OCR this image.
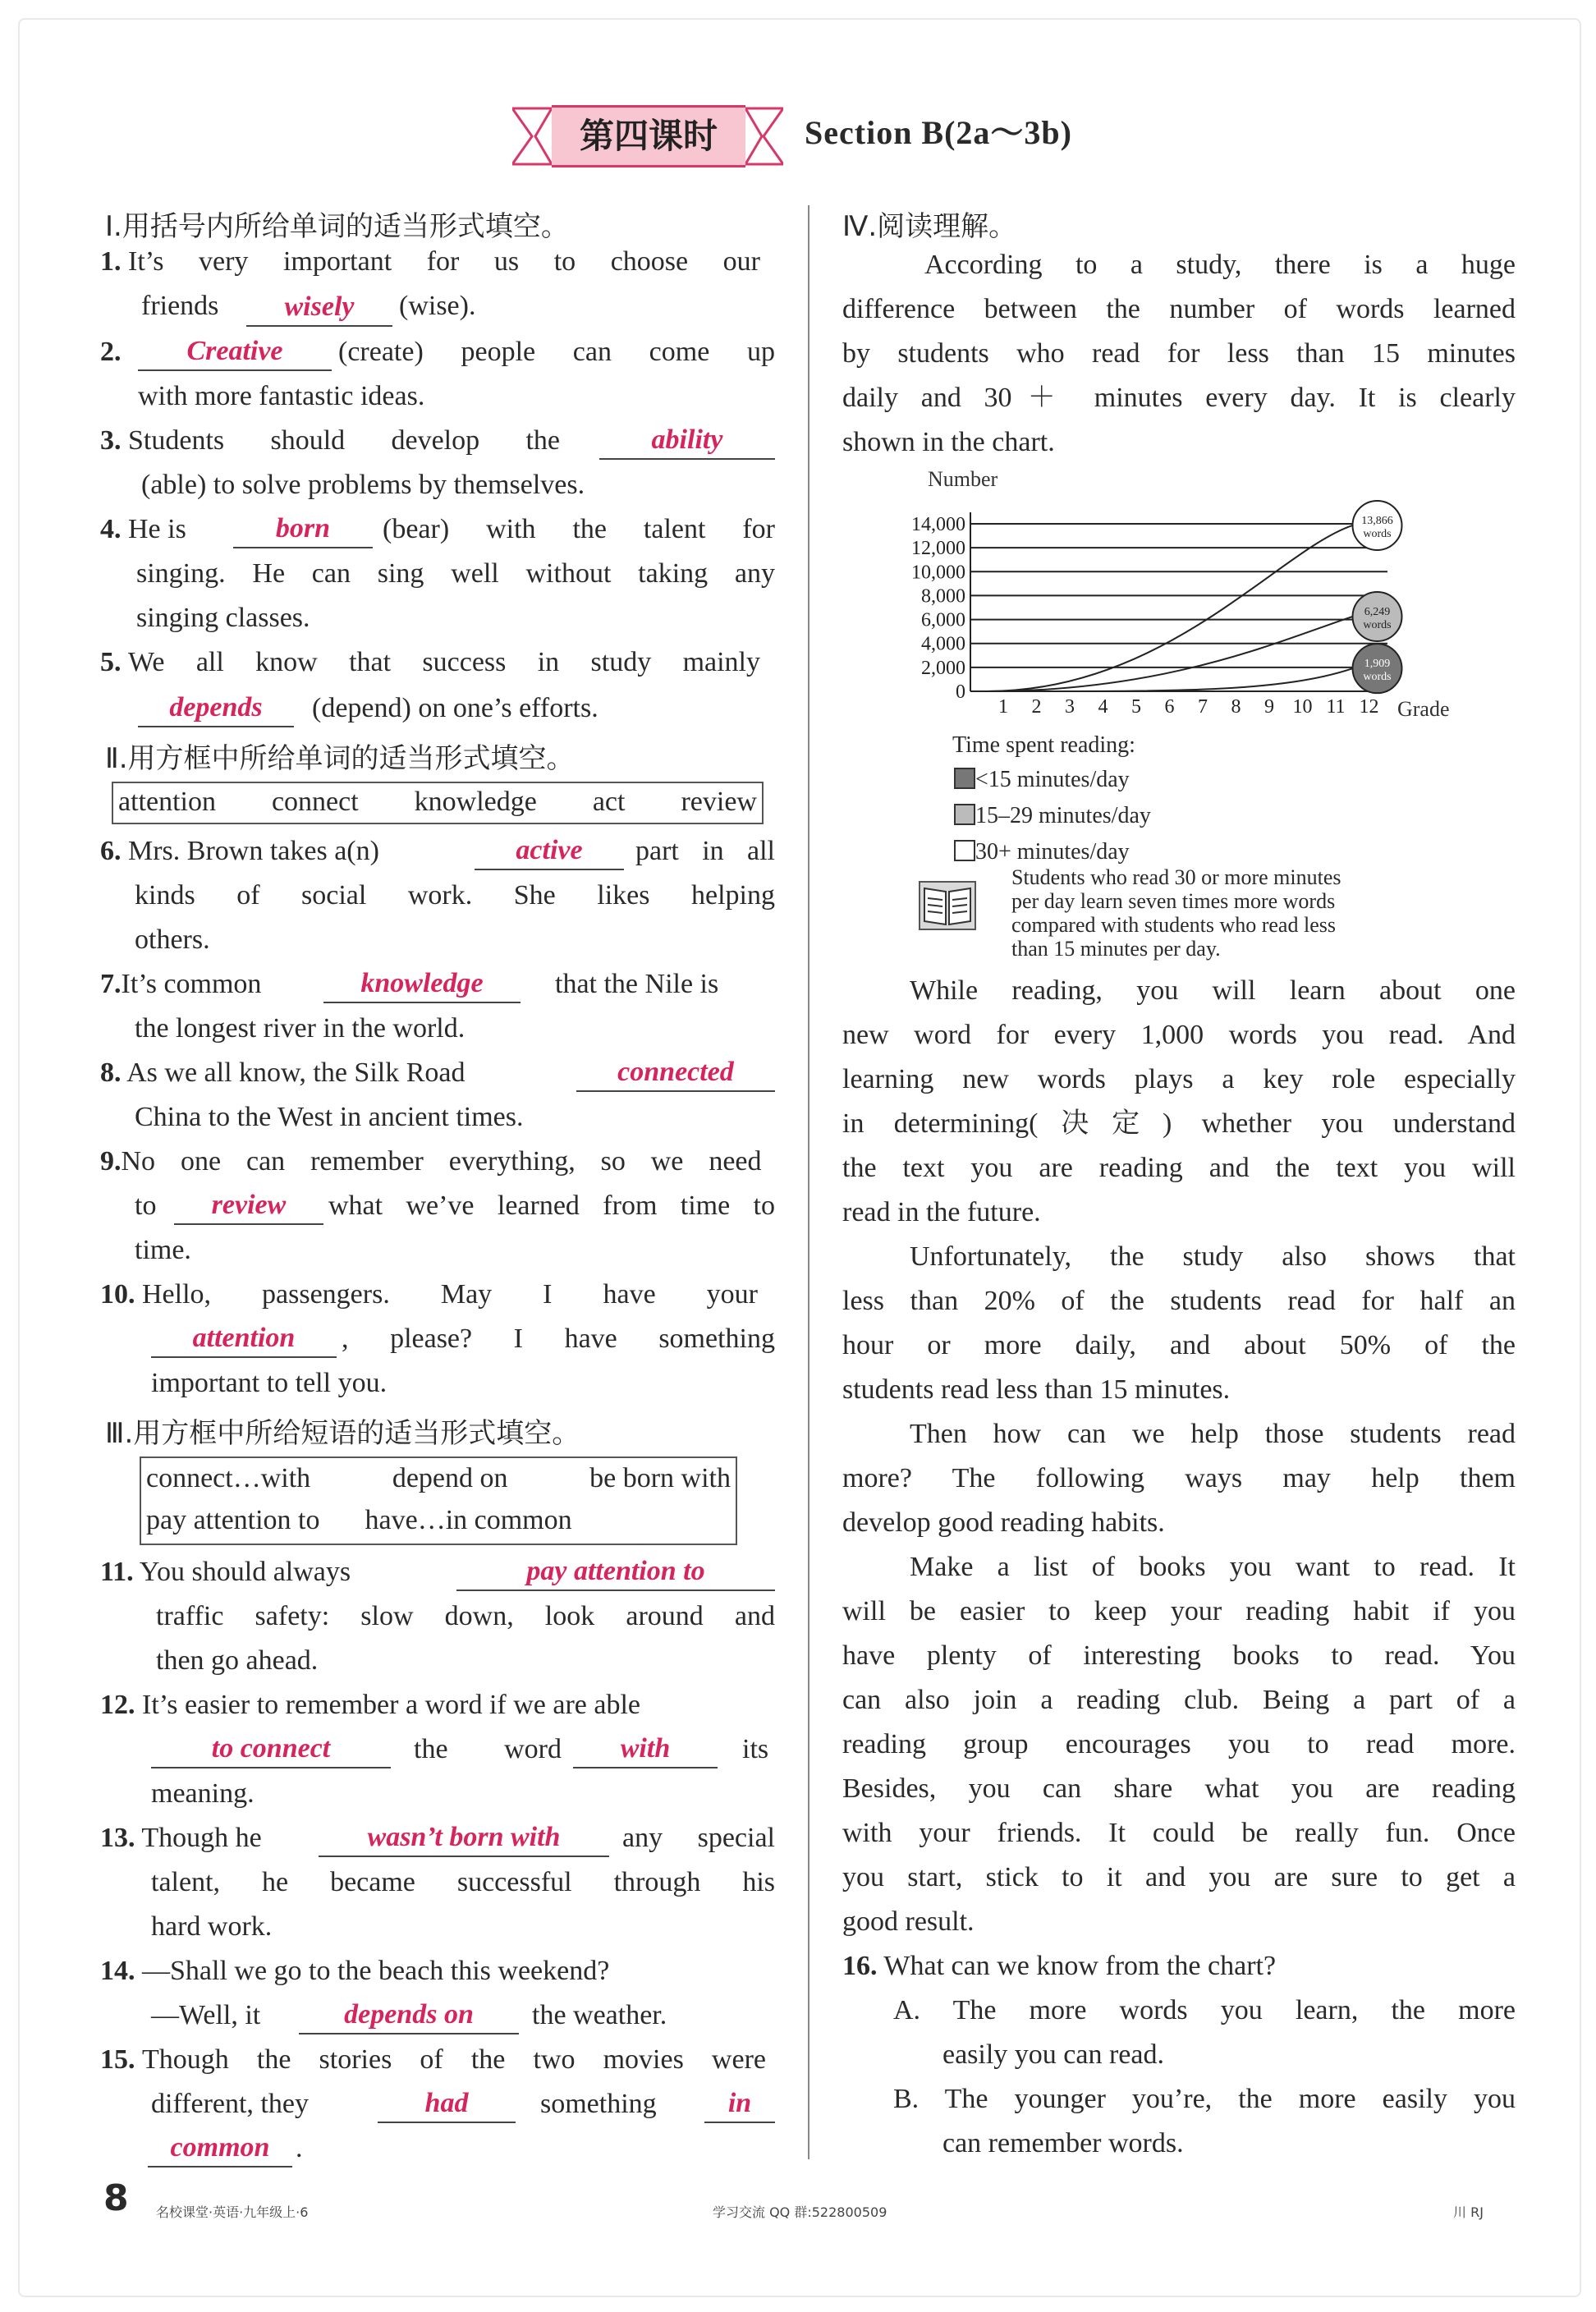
第四课时	Section B(2a～3b)
Ⅰ.用括号内所给单词的适当形式填空。
1. It’s very important for us to choose our
friends	wisely	(wise).
2.	Creative	(create) people can come up
with more fantastic ideas.
3. Students should develop the	ability
(able) to solve problems by themselves.
4. He is	born	(bear) with the talent for
singing. He can sing well without taking any
singing classes.
5. We all know that success in study mainly
depends	(depend) on one’s efforts.
Ⅱ.用方框中所给单词的适当形式填空。
attention connect knowledge act review
6. Mrs. Brown takes a(n)	active	part in all
kinds of social work. She likes helping
others.
7.It’s common	knowledge	that the Nile is
the longest river in the world.
8. As we all know, the Silk Road	connected
China to the West in ancient times.
9.No one can remember everything, so we need
to	review	what we’ve learned from time to
time.
10. Hello, passengers. May I have your
attention	, please? I have something
important to tell you.
Ⅲ.用方框中所给短语的适当形式填空。
connect…with	depend on	be born with
pay attention to have…in common
11. You should always	pay attention to
traffic safety: slow down, look around and
then go ahead.
12. It’s easier to remember a word if we are able
to connect	the word	with	its
meaning.
13. Though he	wasn’t born with	any special
talent, he became successful through his
hard work.
14. —Shall we go to the beach this weekend?
—Well, it	depends on	the weather.
15. Though the stories of the two movies were
different, they	had	something	in
common .
Ⅳ.阅读理解。
According to a study, there is a huge
difference between the number of words learned
by students who read for less than 15 minutes
daily and 30＋ minutes every day. It is clearly
shown in the chart.
Number
14,000
12,000
10,000
8,000
6,000
4,000
2,000
0
1 2 3 4 5 6 7 8 9 10 11 12
1,909
words
6,249
words
13,866
words
Grade
Time spent reading:
<15 minutes/day
15–29 minutes/day
30+ minutes/day
Students who read 30 or more minutes
per day learn seven times more words
compared with students who read less
than 15 minutes per day.
While reading, you will learn about one
new word for every 1,000 words you read. And
learning new words plays a key role especially
in determining(决定) whether you understand
the text you are reading and the text you will
read in the future.
Unfortunately, the study also shows that
less than 20% of the students read for half an
hour or more daily, and about 50% of the
students read less than 15 minutes.
Then how can we help those students read
more? The following ways may help them
develop good reading habits.
Make a list of books you want to read. It
will be easier to keep your reading habit if you
have plenty of interesting books to read. You
can also join a reading club. Being a part of a
reading group encourages you to read more.
Besides, you can share what you are reading
with your friends. It could be really fun. Once
you start, stick to it and you are sure to get a
good result.
16. What can we know from the chart?
A. The more words you learn, the more
easily you can read.
B. The younger you’re, the more easily you
can remember words.
8 名校课堂·英语·九年级上·6	学习交流 QQ 群:522800509	川 RJ
